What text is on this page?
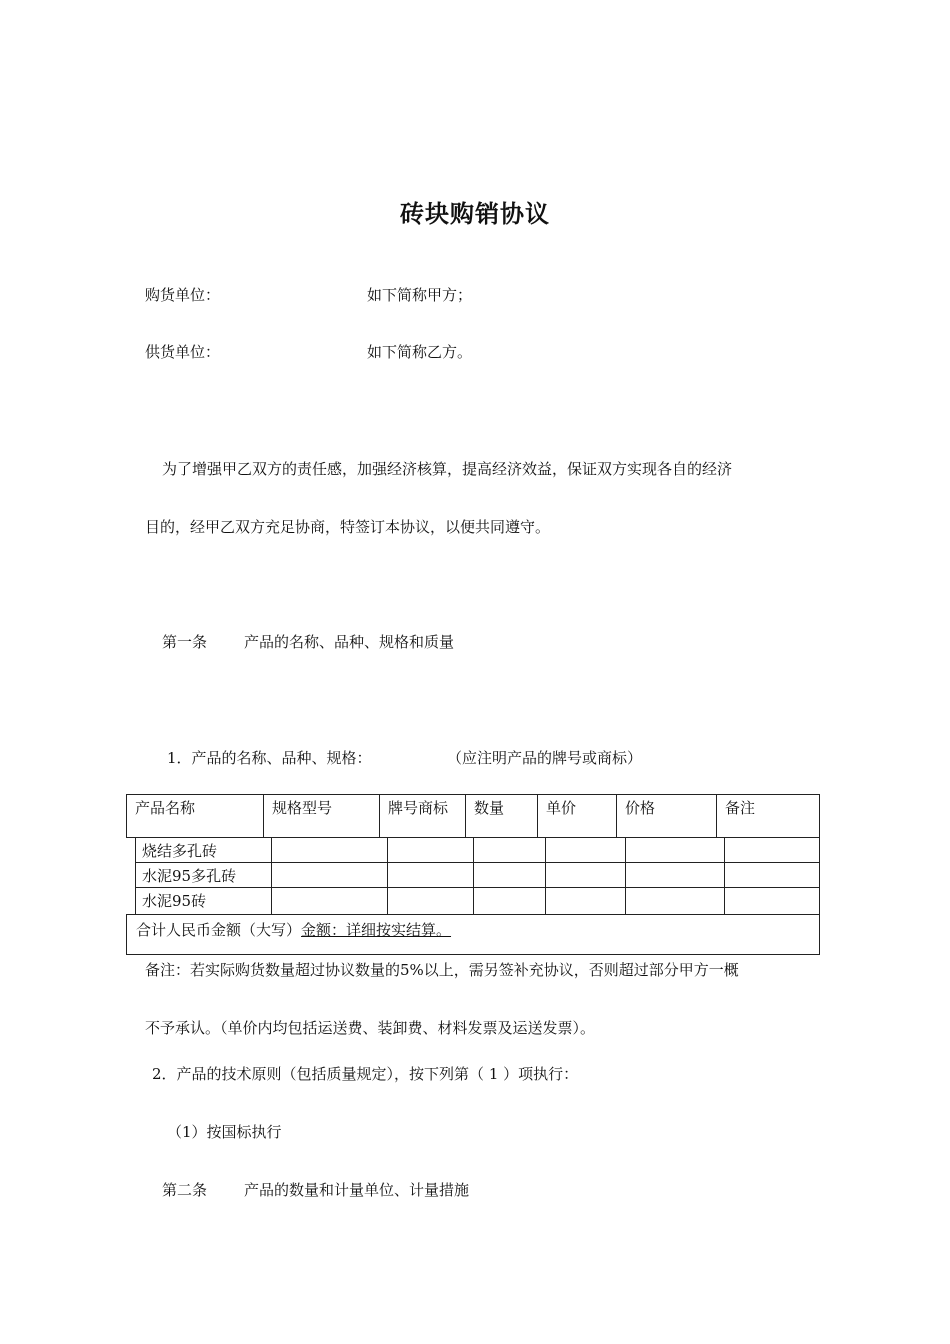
砖块购销协议
购货单位：	如下简称甲方；
供货单位：	如下简称乙方。
为了增强甲乙双方的责任感，加强经济核算，提高经济效益，保证双方实现各自的经济
目的，经甲乙双方充足协商，特签订本协议，以便共同遵守。
第一条 产品的名称、品种、规格和质量
1．产品的名称、品种、规格：	（应注明产品的牌号或商标）
产品名称	规格型号	牌号商标	数量	单价	价格	备注
烧结多孔砖
水泥95多孔砖
水泥95砖
合计人民币金额（大写）金额：详细按实结算。
备注：若实际购货数量超过协议数量的5%以上，需另签补充协议，否则超过部分甲方一概
不予承认。（单价内均包括运送费、装卸费、材料发票及运送发票）。
2．产品的技术原则（包括质量规定），按下列第（ 1 ）项执行：
（1）按国标执行
第二条 产品的数量和计量单位、计量措施
